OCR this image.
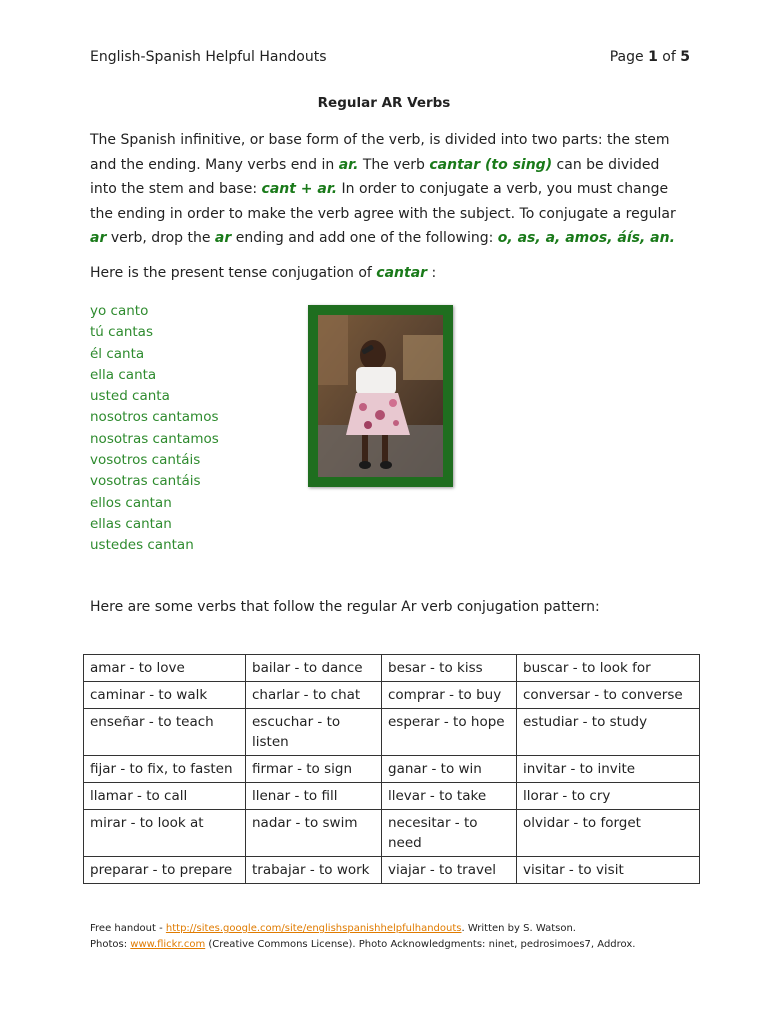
English-Spanish Helpful Handouts	Page 1 of 5
Regular AR Verbs
The Spanish infinitive, or base form of the verb, is divided into two parts: the stem and the ending. Many verbs end in ar. The verb cantar (to sing) can be divided into the stem and base: cant + ar. In order to conjugate a verb, you must change the ending in order to make the verb agree with the subject. To conjugate a regular ar verb, drop the ar ending and add one of the following: o, as, a, amos, áís, an.
Here is the present tense conjugation of cantar :
yo canto
tú cantas
él canta
ella canta
usted canta
nosotros cantamos
nosotras cantamos
vosotros cantáis
vosotras cantáis
ellos cantan
ellas cantan
ustedes cantan
Here are some verbs that follow the regular Ar verb conjugation pattern:
amar - to love	bailar - to dance	besar - to kiss	buscar - to look for
caminar - to walk	charlar - to chat	comprar - to buy	conversar - to converse
enseñar - to teach	escuchar - to listen	esperar - to hope	estudiar - to study
fijar - to fix, to fasten	firmar - to sign	ganar - to win	invitar - to invite
llamar - to call	llenar - to fill	llevar - to take	llorar - to cry
mirar - to look at	nadar - to swim	necesitar - to need	olvidar - to forget
preparar - to prepare	trabajar - to work	viajar - to travel	visitar - to visit
Free handout - http://sites.google.com/site/englishspanishhelpfulhandouts. Written by S. Watson.
Photos: www.flickr.com (Creative Commons License). Photo Acknowledgments: ninet, pedrosimoes7, Addrox.
